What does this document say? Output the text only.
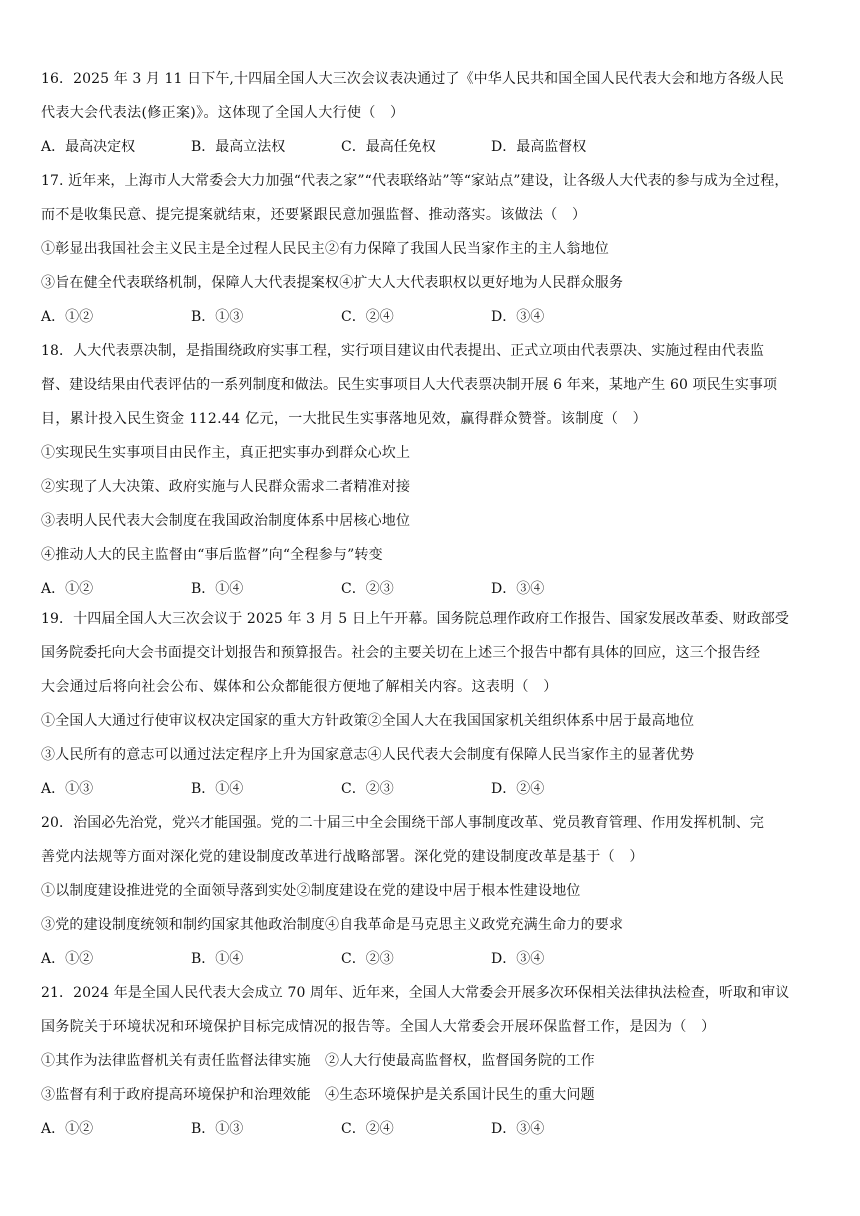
16．2025 年 3 月 11 日下午,十四届全国人大三次会议表决通过了《中华人民共和国全国人民代表大会和地方各级人民
代表大会代表法(修正案)》。这体现了全国人大行使（　）
A．最高决定权	B．最高立法权	C．最高任免权	D．最高监督权
17. 近年来，上海市人大常委会大力加强“代表之家”“代表联络站”等“家站点”建设，让各级人大代表的参与成为全过程，
而不是收集民意、提完提案就结束，还要紧跟民意加强监督、推动落实。该做法（　）
①彰显出我国社会主义民主是全过程人民民主②有力保障了我国人民当家作主的主人翁地位
③旨在健全代表联络机制，保障人大代表提案权④扩大人大代表职权以更好地为人民群众服务
A．①②	B．①③	C．②④	D．③④
18．人大代表票决制，是指围绕政府实事工程，实行项目建议由代表提出、正式立项由代表票决、实施过程由代表监
督、建设结果由代表评估的一系列制度和做法。民生实事项目人大代表票决制开展 6 年来，某地产生 60 项民生实事项
目，累计投入民生资金 112.44 亿元，一大批民生实事落地见效，赢得群众赞誉。该制度（　）
①实现民生实事项目由民作主，真正把实事办到群众心坎上
②实现了人大决策、政府实施与人民群众需求二者精准对接
③表明人民代表大会制度在我国政治制度体系中居核心地位
④推动人大的民主监督由“事后监督”向“全程参与”转变
A．①②	B．①④	C．②③	D．③④
19．十四届全国人大三次会议于 2025 年 3 月 5 日上午开幕。国务院总理作政府工作报告、国家发展改革委、财政部受
国务院委托向大会书面提交计划报告和预算报告。社会的主要关切在上述三个报告中都有具体的回应，这三个报告经
大会通过后将向社会公布、媒体和公众都能很方便地了解相关内容。这表明（　）
①全国人大通过行使审议权决定国家的重大方针政策②全国人大在我国国家机关组织体系中居于最高地位
③人民所有的意志可以通过法定程序上升为国家意志④人民代表大会制度有保障人民当家作主的显著优势
A．①③	B．①④	C．②③	D．②④
20．治国必先治党，党兴才能国强。党的二十届三中全会围绕干部人事制度改革、党员教育管理、作用发挥机制、完
善党内法规等方面对深化党的建设制度改革进行战略部署。深化党的建设制度改革是基于（　）
①以制度建设推进党的全面领导落到实处②制度建设在党的建设中居于根本性建设地位
③党的建设制度统领和制约国家其他政治制度④自我革命是马克思主义政党充满生命力的要求
A．①②	B．①④	C．②③	D．③④
21．2024 年是全国人民代表大会成立 70 周年、近年来，全国人大常委会开展多次环保相关法律执法检查，听取和审议
国务院关于环境状况和环境保护目标完成情况的报告等。全国人大常委会开展环保监督工作，是因为（　）
①其作为法律监督机关有责任监督法律实施　②人大行使最高监督权，监督国务院的工作
③监督有利于政府提高环境保护和治理效能　④生态环境保护是关系国计民生的重大问题
A．①②	B．①③	C．②④	D．③④
